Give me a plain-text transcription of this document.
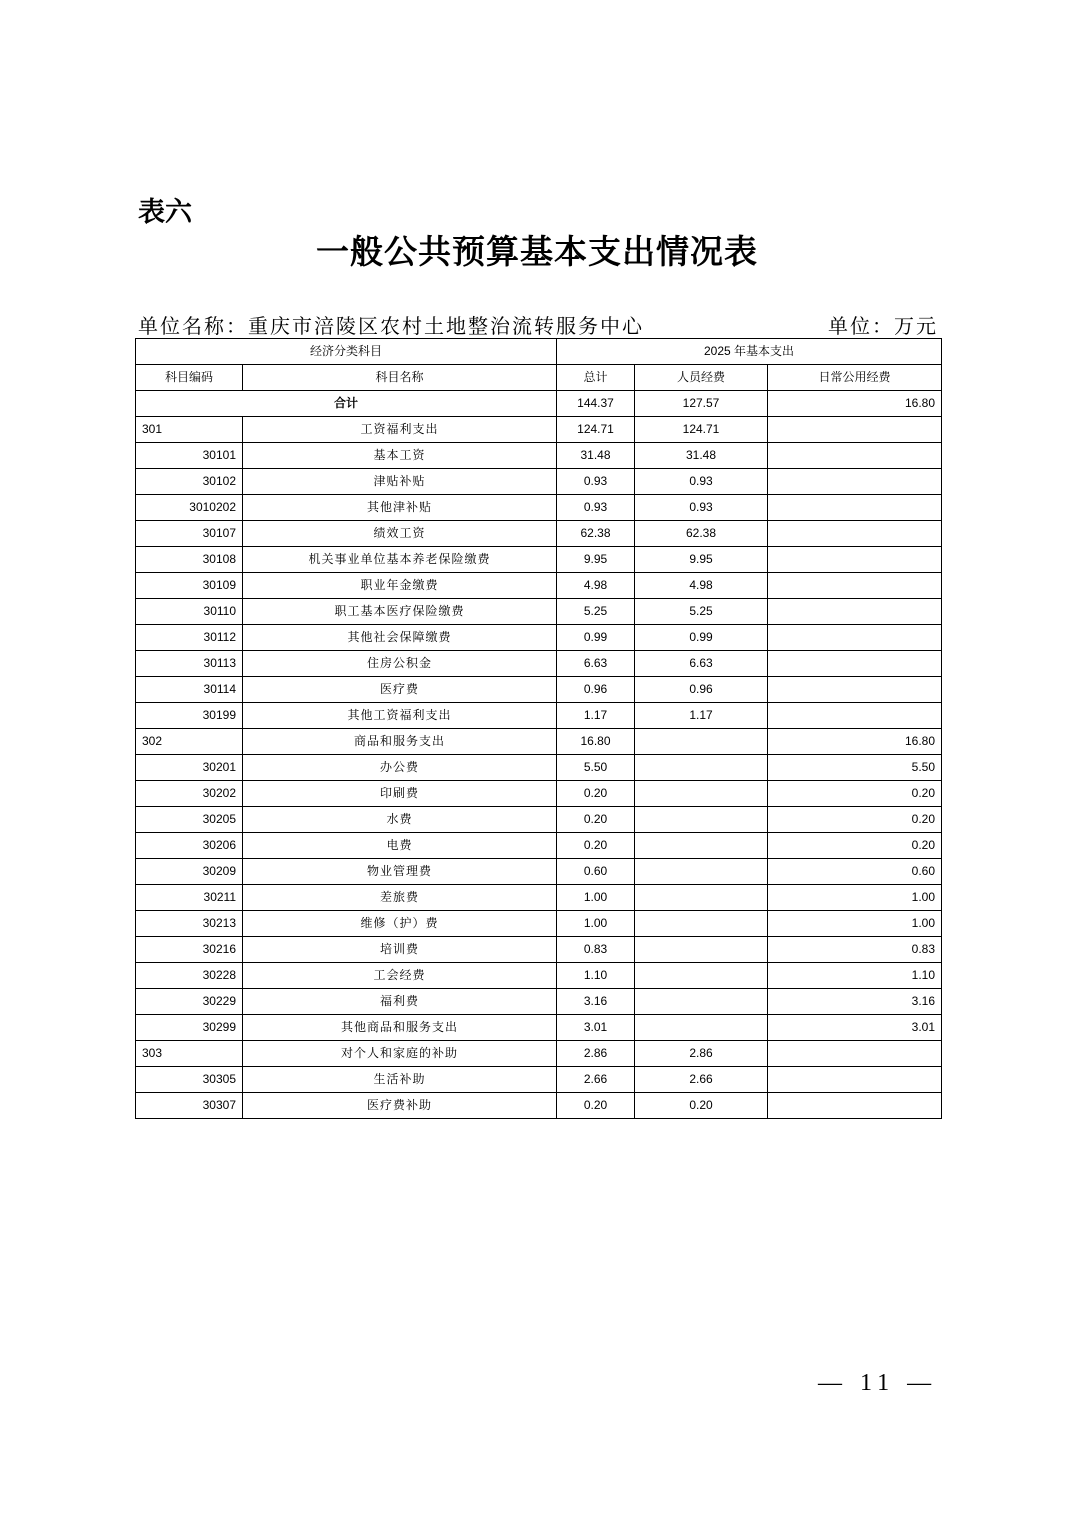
表六
一般公共预算基本支出情况表
单位名称：重庆市涪陵区农村土地整治流转服务中心	单位：万元
经济分类科目		2025 年基本支出		
科目编码	科目名称	总计	人员经费	日常公用经费
合计		144.37	127.57	16.80
301	工资福利支出	124.71	124.71	
30101	基本工资	31.48	31.48	
30102	津贴补贴	0.93	0.93	
3010202	其他津补贴	0.93	0.93	
30107	绩效工资	62.38	62.38	
30108	机关事业单位基本养老保险缴费	9.95	9.95	
30109	职业年金缴费	4.98	4.98	
30110	职工基本医疗保险缴费	5.25	5.25	
30112	其他社会保障缴费	0.99	0.99	
30113	住房公积金	6.63	6.63	
30114	医疗费	0.96	0.96	
30199	其他工资福利支出	1.17	1.17	
302	商品和服务支出	16.80		16.80
30201	办公费	5.50		5.50
30202	印刷费	0.20		0.20
30205	水费	0.20		0.20
30206	电费	0.20		0.20
30209	物业管理费	0.60		0.60
30211	差旅费	1.00		1.00
30213	维修（护）费	1.00		1.00
30216	培训费	0.83		0.83
30228	工会经费	1.10		1.10
30229	福利费	3.16		3.16
30299	其他商品和服务支出	3.01		3.01
303	对个人和家庭的补助	2.86	2.86	
30305	生活补助	2.66	2.66	
30307	医疗费补助	0.20	0.20	
— 11 —
